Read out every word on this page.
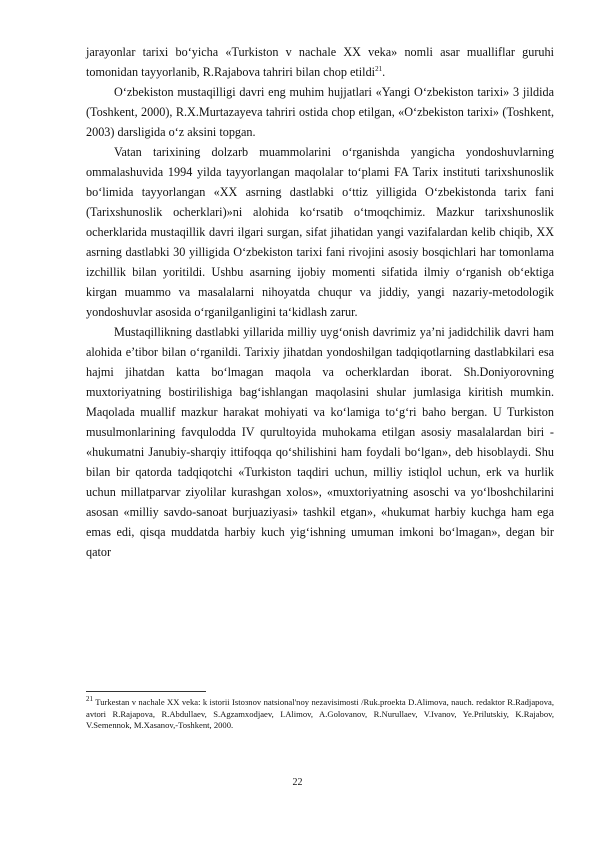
jarayonlar tarixi bo‘yicha «Turkiston v nachale XX veka» nomli asar mualliflar guruhi tomonidan tayyorlanib, R.Rajabova tahriri bilan chop etildi$^{21}$.

O‘zbekiston mustaqilligi davri eng muhim hujjatlari «Yangi O‘zbekiston tarixi» 3 jildida (Toshkent, 2000), R.X.Murtazayeva tahriri ostida chop etilgan, «O‘zbekiston tarixi» (Toshkent, 2003) darsligida o‘z aksini topgan.

Vatan tarixining dolzarb muammolarini o‘rganishda yangicha yondoshuvlarning ommalashuvida 1994 yilda tayyorlangan maqolalar to‘plami FA Tarix instituti tarixshunoslik bo‘limida tayyorlangan «XX asrning dastlabki o‘ttiz yilligida O‘zbekistonda tarix fani (Tarixshunoslik ocherklari)»ni alohida ko‘rsatib o‘tmoqchimiz. Mazkur tarixshunoslik ocherklarida mustaqillik davri ilgari surgan, sifat jihatidan yangi vazifalardan kelib chiqib, XX asrning dastlabki 30 yilligida O‘zbekiston tarixi fani rivojini asosiy bosqichlari har tomonlama izchillik bilan yoritildi. Ushbu asarning ijobiy momenti sifatida ilmiy o‘rganish ob‘ektiga kirgan muammo va masalalarni nihoyatda chuqur va jiddiy, yangi nazariy-metodologik yondoshuvlar asosida o‘rganilganligini ta‘kidlash zarur.

Mustaqillikning dastlabki yillarida milliy uyg‘onish davrimiz ya’ni jadidchilik davri ham alohida e’tibor bilan o‘rganildi. Tarixiy jihatdan yondoshilgan tadqiqotlarning dastlabkilari esa hajmi jihatdan katta bo‘lmagan maqola va ocherklardan iborat. Sh.Doniyorovning muxtoriyatning bostirilishiga bag‘ishlangan maqolasini shular jumlasiga kiritish mumkin. Maqolada muallif mazkur harakat mohiyati va ko‘lamiga to‘g‘ri baho bergan. U Turkiston musulmonlarining favqulodda IV qurultoyida muhokama etilgan asosiy masalalardan biri - «hukumatni Janubiy-sharqiy ittifoqqa qo‘shilishini ham foydali bo‘lgan», deb hisoblaydi. Shu bilan bir qatorda tadqiqotchi «Turkiston taqdiri uchun, milliy istiqlol uchun, erk va hurlik uchun millatparvar ziyolilar kurashgan xolos», «muxtoriyatning asoschi va yo‘lboshchilarini asosan «milliy savdo-sanoat burjuaziyasi» tashkil etgan», «hukumat harbiy kuchga ham ega emas edi, qisqa muddatda harbiy kuch yig‘ishning umuman imkoni bo‘lmagan», degan bir qator

$^{21}$ Turkestan v nachale XX veka: k istorii Istoзnov natsional'noy nezavisimosti /Ruk.proekta D.Alimova, nauch. redaktor R.Radjapova, avtori R.Rajapova, R.Abdullaev, S.Agzamxodjaev, I.Alimov, A.Golovanov, R.Nurullaev, V.Ivanov, Ye.Prilutskiy, K.Rajabov, V.Semennok, M.Xasanov,-Toshkent, 2000.
22
